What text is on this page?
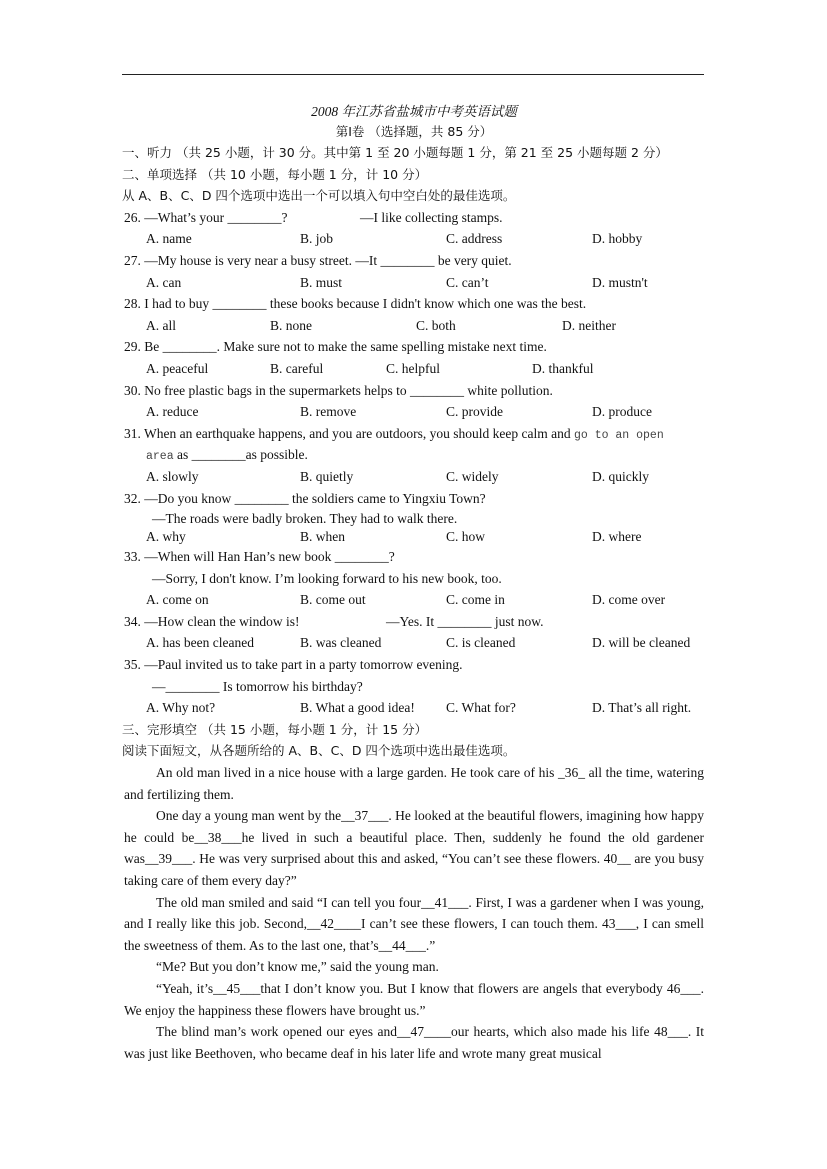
2008 年江苏省盐城市中考英语试题
第Ⅰ卷 （选择题，共 85 分）
一、听力 （共 25 小题，计 30 分。其中第 1 至 20 小题每题 1 分，第 21 至 25 小题每题 2 分）
二、单项选择 （共 10 小题，每小题 1 分，计 10 分）
从 A、B、C、D 四个选项中选出一个可以填入句中空白处的最佳选项。
26. —What’s your ________?	—I like collecting stamps.
A. name	B. job	C. address	D. hobby
27. —My house is very near a busy street. —It ________ be very quiet.
A. can	B. must	C. can’t	D. mustn't
28. I had to buy ________ these books because I didn't know which one was the best.
A. all	B. none	C. both	D. neither
29. Be ________. Make sure not to make the same spelling mistake next time.
A. peaceful	B. careful	C. helpful	D. thankful
30. No free plastic bags in the supermarkets helps to ________ white pollution.
A. reduce	B. remove	C. provide	D. produce
31. When an earthquake happens, and you are outdoors, you should keep calm and go to an open
area as ________as possible.
A. slowly	B. quietly	C. widely	D. quickly
32. —Do you know ________ the soldiers came to Yingxiu Town?
—The roads were badly broken. They had to walk there.
A. why	B. when	C. how	D. where
33. —When will Han Han’s new book ________?
—Sorry, I don't know. I’m looking forward to his new book, too.
A. come on	B. come out	C. come in	D. come over
34. —How clean the window is!	—Yes. It ________ just now.
A. has been cleaned	B. was cleaned	C. is cleaned	D. will be cleaned
35. —Paul invited us to take part in a party tomorrow evening.
—________ Is tomorrow his birthday?
A. Why not?	B. What a good idea! C. What for?	D. That’s all right.
三、完形填空 （共 15 小题，每小题 1 分，计 15 分）
阅读下面短文，从各题所给的 A、B、C、D 四个选项中选出最佳选项。
An old man lived in a nice house with a large garden. He took care of his _36_ all the time, watering and fertilizing them.
One day a young man went by the__37___. He looked at the beautiful flowers, imagining how happy he could be__38___he lived in such a beautiful place. Then, suddenly he found the old gardener was__39___. He was very surprised about this and asked, “You can’t see these flowers. 40__ are you busy taking care of them every day?”
The old man smiled and said “I can tell you four__41___. First, I was a gardener when I was young, and I really like this job. Second,__42____I can’t see these flowers, I can touch them. 43___, I can smell the sweetness of them. As to the last one, that’s__44___.”
“Me? But you don’t know me,” said the young man.
“Yeah, it’s__45___that I don’t know you. But I know that flowers are angels that everybody 46___. We enjoy the happiness these flowers have brought us.”
The blind man’s work opened our eyes and__47____our hearts, which also made his life 48___. It was just like Beethoven, who became deaf in his later life and wrote many great musical
